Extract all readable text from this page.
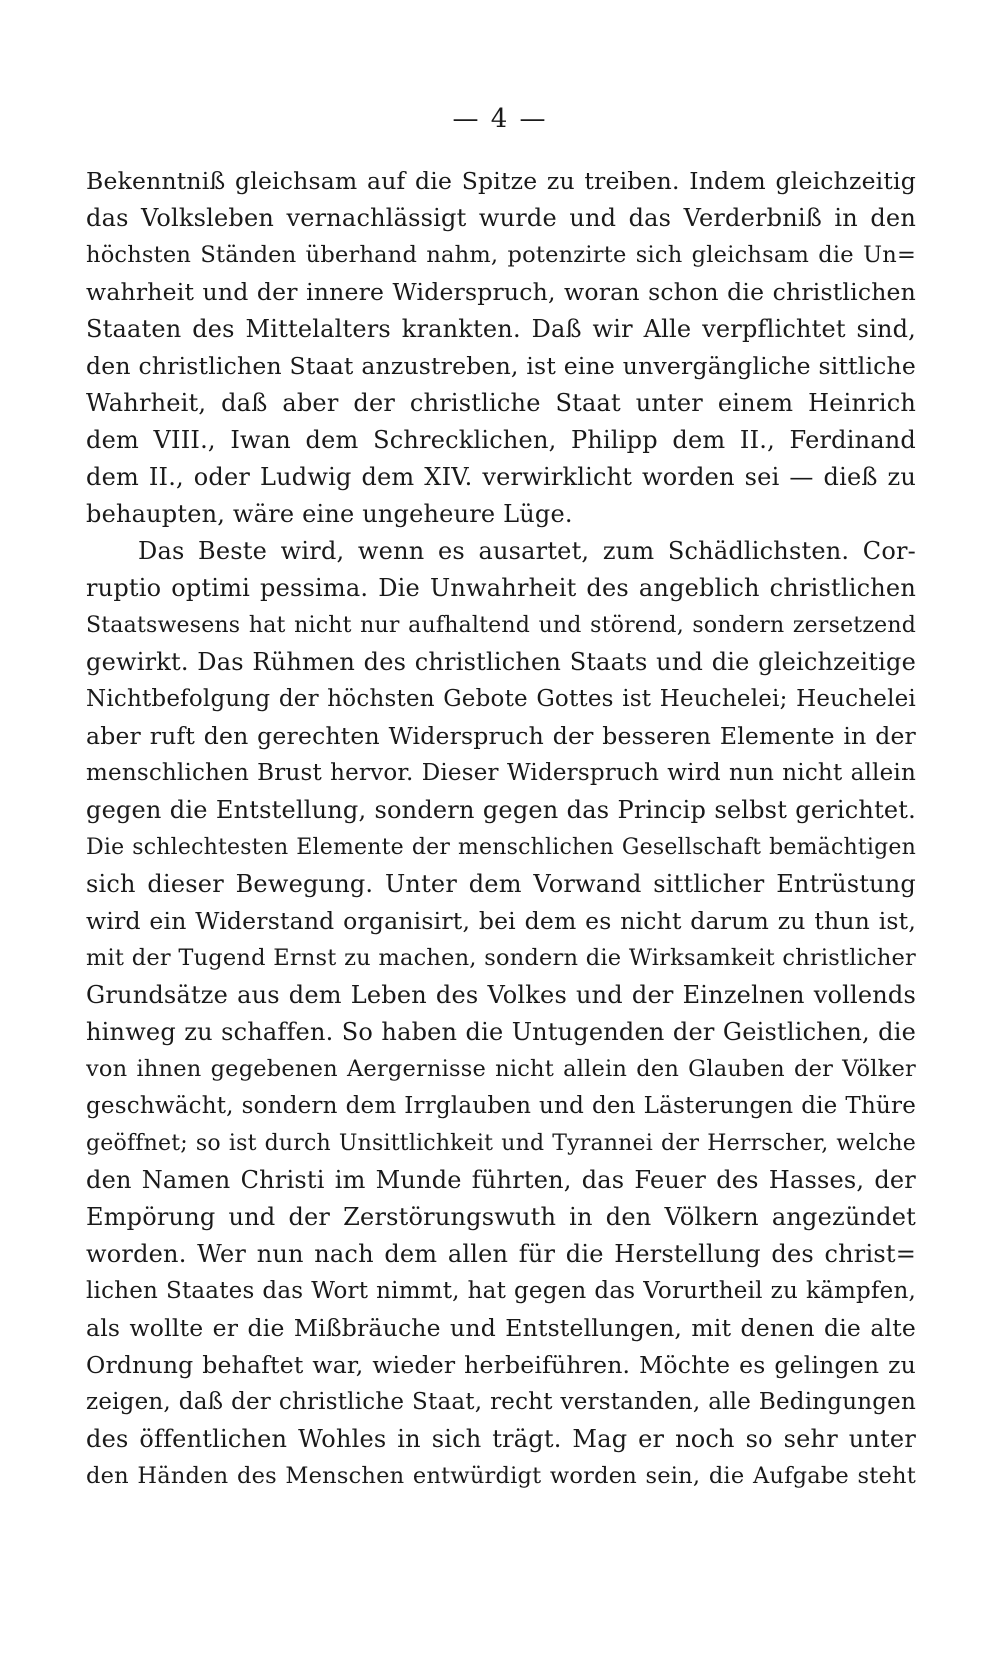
— 4 —
Bekenntniß gleichsam auf die Spitze zu treiben. Indem gleichzeitig
das Volksleben vernachlässigt wurde und das Verderbniß in den
höchsten Ständen überhand nahm, potenzirte sich gleichsam die Un=
wahrheit und der innere Widerspruch, woran schon die christlichen
Staaten des Mittelalters krankten. Daß wir Alle verpflichtet sind,
den christlichen Staat anzustreben, ist eine unvergängliche sittliche
Wahrheit, daß aber der christliche Staat unter einem Heinrich
dem VIII., Iwan dem Schrecklichen, Philipp dem II., Ferdinand
dem II., oder Ludwig dem XIV. verwirklicht worden sei — dieß zu
behaupten, wäre eine ungeheure Lüge.
Das Beste wird, wenn es ausartet, zum Schädlichsten. Cor-
ruptio optimi pessima. Die Unwahrheit des angeblich christlichen
Staatswesens hat nicht nur aufhaltend und störend, sondern zersetzend
gewirkt. Das Rühmen des christlichen Staats und die gleichzeitige
Nichtbefolgung der höchsten Gebote Gottes ist Heuchelei; Heuchelei
aber ruft den gerechten Widerspruch der besseren Elemente in der
menschlichen Brust hervor. Dieser Widerspruch wird nun nicht allein
gegen die Entstellung, sondern gegen das Princip selbst gerichtet.
Die schlechtesten Elemente der menschlichen Gesellschaft bemächtigen
sich dieser Bewegung. Unter dem Vorwand sittlicher Entrüstung
wird ein Widerstand organisirt, bei dem es nicht darum zu thun ist,
mit der Tugend Ernst zu machen, sondern die Wirksamkeit christlicher
Grundsätze aus dem Leben des Volkes und der Einzelnen vollends
hinweg zu schaffen. So haben die Untugenden der Geistlichen, die
von ihnen gegebenen Aergernisse nicht allein den Glauben der Völker
geschwächt, sondern dem Irrglauben und den Lästerungen die Thüre
geöffnet; so ist durch Unsittlichkeit und Tyrannei der Herrscher, welche
den Namen Christi im Munde führten, das Feuer des Hasses, der
Empörung und der Zerstörungswuth in den Völkern angezündet
worden. Wer nun nach dem allen für die Herstellung des christ=
lichen Staates das Wort nimmt, hat gegen das Vorurtheil zu kämpfen,
als wollte er die Mißbräuche und Entstellungen, mit denen die alte
Ordnung behaftet war, wieder herbeiführen. Möchte es gelingen zu
zeigen, daß der christliche Staat, recht verstanden, alle Bedingungen
des öffentlichen Wohles in sich trägt. Mag er noch so sehr unter
den Händen des Menschen entwürdigt worden sein, die Aufgabe steht
